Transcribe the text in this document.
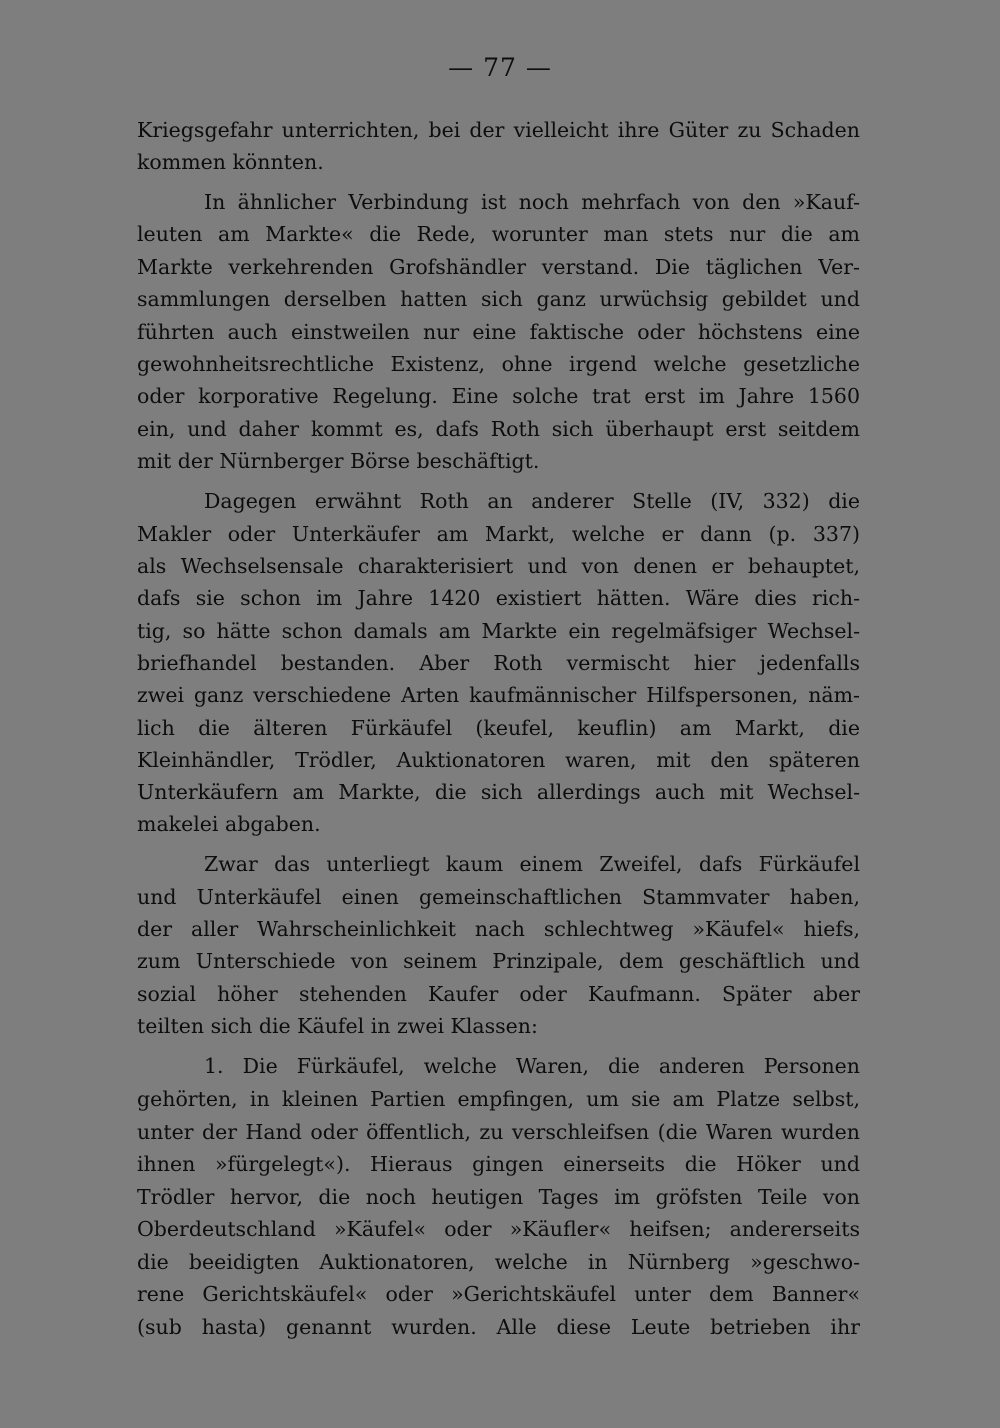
— 77 —
Kriegsgefahr unterrichten, bei der vielleicht ihre Güter zu Schaden
kommen könnten.
In ähnlicher Verbindung ist noch mehrfach von den »Kauf-
leuten am Markte« die Rede, worunter man stets nur die am
Markte verkehrenden Grofshändler verstand. Die täglichen Ver-
sammlungen derselben hatten sich ganz urwüchsig gebildet und
führten auch einstweilen nur eine faktische oder höchstens eine
gewohnheitsrechtliche Existenz, ohne irgend welche gesetzliche
oder korporative Regelung. Eine solche trat erst im Jahre 1560
ein, und daher kommt es, dafs Roth sich überhaupt erst seitdem
mit der Nürnberger Börse beschäftigt.
Dagegen erwähnt Roth an anderer Stelle (IV, 332) die
Makler oder Unterkäufer am Markt, welche er dann (p. 337)
als Wechselsensale charakterisiert und von denen er behauptet,
dafs sie schon im Jahre 1420 existiert hätten. Wäre dies rich-
tig, so hätte schon damals am Markte ein regelmäfsiger Wechsel-
briefhandel bestanden. Aber Roth vermischt hier jedenfalls
zwei ganz verschiedene Arten kaufmännischer Hilfspersonen, näm-
lich die älteren Fürkäufel (keufel, keuflin) am Markt, die
Kleinhändler, Trödler, Auktionatoren waren, mit den späteren
Unterkäufern am Markte, die sich allerdings auch mit Wechsel-
makelei abgaben.
Zwar das unterliegt kaum einem Zweifel, dafs Fürkäufel
und Unterkäufel einen gemeinschaftlichen Stammvater haben,
der aller Wahrscheinlichkeit nach schlechtweg »Käufel« hiefs,
zum Unterschiede von seinem Prinzipale, dem geschäftlich und
sozial höher stehenden Kaufer oder Kaufmann. Später aber
teilten sich die Käufel in zwei Klassen:
1. Die Fürkäufel, welche Waren, die anderen Personen
gehörten, in kleinen Partien empfingen, um sie am Platze selbst,
unter der Hand oder öffentlich, zu verschleifsen (die Waren wurden
ihnen »fürgelegt«). Hieraus gingen einerseits die Höker und
Trödler hervor, die noch heutigen Tages im gröfsten Teile von
Oberdeutschland »Käufel« oder »Käufler« heifsen; andererseits
die beeidigten Auktionatoren, welche in Nürnberg »geschwo-
rene Gerichtskäufel« oder »Gerichtskäufel unter dem Banner«
(sub hasta) genannt wurden. Alle diese Leute betrieben ihr
